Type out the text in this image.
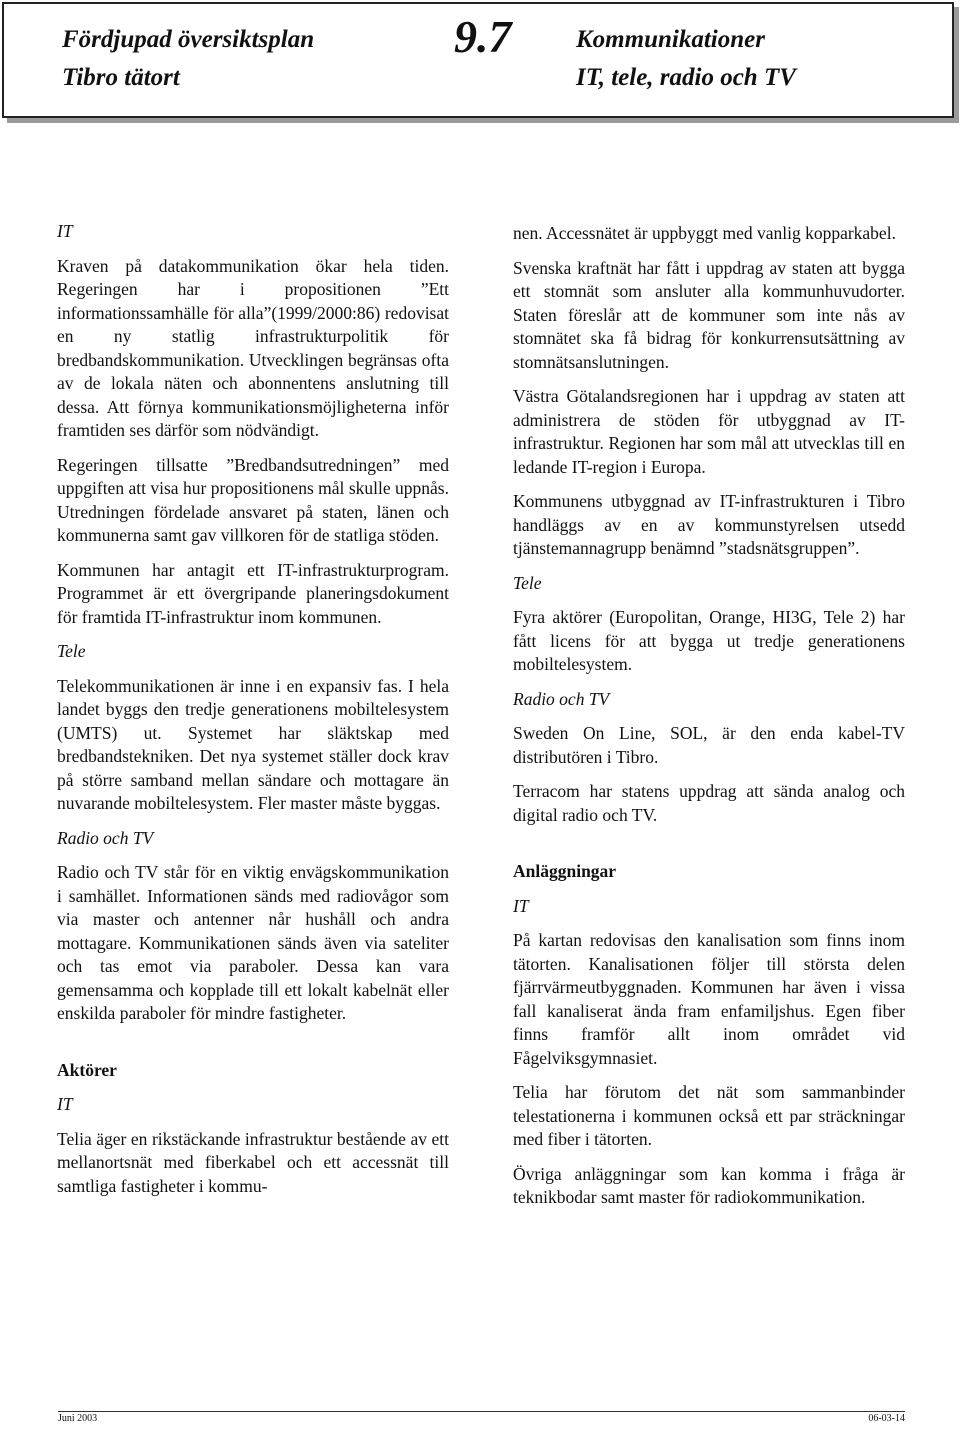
Fördjupad översiktsplan
Tibro tätort
9.7	Kommunikationer
IT, tele, radio och TV
IT

Kraven på datakommunikation ökar hela tiden. Regeringen har i propositionen ”Ett informationssamhälle för alla”(1999/2000:86) redovisat en ny statlig infrastrukturpolitik för bredbandskommunikation. Utvecklingen begränsas ofta av de lokala näten och abonnentens anslutning till dessa. Att förnya kommunikationsmöjligheterna inför framtiden ses därför som nödvändigt.

Regeringen tillsatte ”Bredbandsutredningen” med uppgiften att visa hur propositionens mål skulle uppnås. Utredningen fördelade ansvaret på staten, länen och kommunerna samt gav villkoren för de statliga stöden.

Kommunen har antagit ett IT-infrastrukturprogram. Programmet är ett övergripande planeringsdokument för framtida IT-infrastruktur inom kommunen.

Tele

Telekommunikationen är inne i en expansiv fas. I hela landet byggs den tredje generationens mobiltelesystem (UMTS) ut. Systemet har släktskap med bredbandstekniken. Det nya systemet ställer dock krav på större samband mellan sändare och mottagare än nuvarande mobiltelesystem. Fler master måste byggas.

Radio och TV

Radio och TV står för en viktig envägskommunikation i samhället. Informationen sänds med radiovågor som via master och antenner når hushåll och andra mottagare. Kommunikationen sänds även via sateliter och tas emot via paraboler. Dessa kan vara gemensamma och kopplade till ett lokalt kabelnät eller enskilda paraboler för mindre fastigheter.

Aktörer
IT

Telia äger en rikstäckande infrastruktur bestående av ett mellanortsnät med fiberkabel och ett accessnät till samtliga fastigheter i kommu-

nen. Accessnätet är uppbyggt med vanlig kopparkabel.

Svenska kraftnät har fått i uppdrag av staten att bygga ett stomnät som ansluter alla kommunhuvudorter. Staten föreslår att de kommuner som inte nås av stomnätet ska få bidrag för konkurrensutsättning av stomnätsanslutningen.

Västra Götalandsregionen har i uppdrag av staten att administrera de stöden för utbyggnad av IT-infrastruktur. Regionen har som mål att utvecklas till en ledande IT-region i Europa.

Kommunens utbyggnad av IT-infrastrukturen i Tibro handläggs av en av kommunstyrelsen utsedd tjänstemannagrupp benämnd ”stadsnätsgruppen”.

Tele

Fyra aktörer (Europolitan, Orange, HI3G, Tele 2) har fått licens för att bygga ut tredje generationens mobiltelesystem.

Radio och TV

Sweden On Line, SOL, är den enda kabel-TV distributören i Tibro.

Terracom har statens uppdrag att sända analog och digital radio och TV.

Anläggningar
IT

På kartan redovisas den kanalisation som finns inom tätorten. Kanalisationen följer till största delen fjärrvärmeutbyggnaden. Kommunen har även i vissa fall kanaliserat ända fram enfamiljshus. Egen fiber finns framför allt inom området vid Fågelviksgymnasiet.

Telia har förutom det nät som sammanbinder telestationerna i kommunen också ett par sträckningar med fiber i tätorten.

Övriga anläggningar som kan komma i fråga är teknikbodar samt master för radiokommunikation.

Juni 2003	06-03-14
